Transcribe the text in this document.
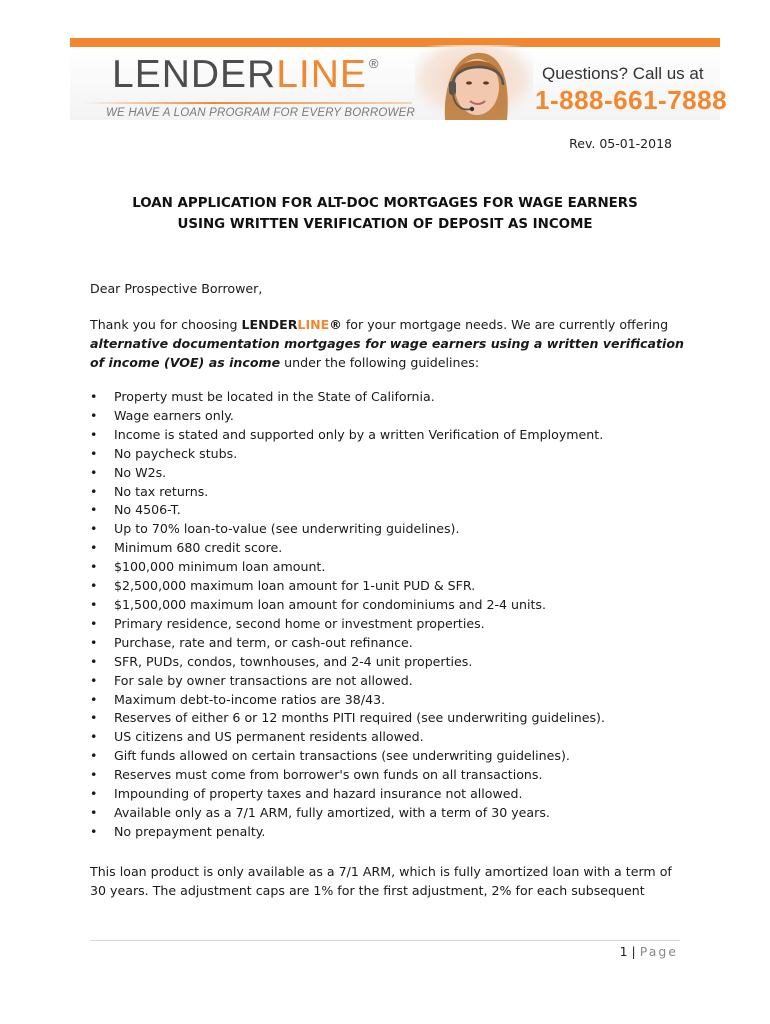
LENDERLINE ®
WE HAVE A LOAN PROGRAM FOR EVERY BORROWER
Questions? Call us at
1-888-661-7888
Rev. 05-01-2018
LOAN APPLICATION FOR ALT-DOC MORTGAGES FOR WAGE EARNERS
USING WRITTEN VERIFICATION OF DEPOSIT AS INCOME
Dear Prospective Borrower,
Thank you for choosing LENDERLINE® for your mortgage needs. We are currently offering alternative documentation mortgages for wage earners using a written verification of income (VOE) as income under the following guidelines:
• Property must be located in the State of California.
• Wage earners only.
• Income is stated and supported only by a written Verification of Employment.
• No paycheck stubs.
• No W2s.
• No tax returns.
• No 4506-T.
• Up to 70% loan-to-value (see underwriting guidelines).
• Minimum 680 credit score.
• $100,000 minimum loan amount.
• $2,500,000 maximum loan amount for 1-unit PUD & SFR.
• $1,500,000 maximum loan amount for condominiums and 2-4 units.
• Primary residence, second home or investment properties.
• Purchase, rate and term, or cash-out refinance.
• SFR, PUDs, condos, townhouses, and 2-4 unit properties.
• For sale by owner transactions are not allowed.
• Maximum debt-to-income ratios are 38/43.
• Reserves of either 6 or 12 months PITI required (see underwriting guidelines).
• US citizens and US permanent residents allowed.
• Gift funds allowed on certain transactions (see underwriting guidelines).
• Reserves must come from borrower's own funds on all transactions.
• Impounding of property taxes and hazard insurance not allowed.
• Available only as a 7/1 ARM, fully amortized, with a term of 30 years.
• No prepayment penalty.
This loan product is only available as a 7/1 ARM, which is fully amortized loan with a term of 30 years. The adjustment caps are 1% for the first adjustment, 2% for each subsequent
1 | Page
